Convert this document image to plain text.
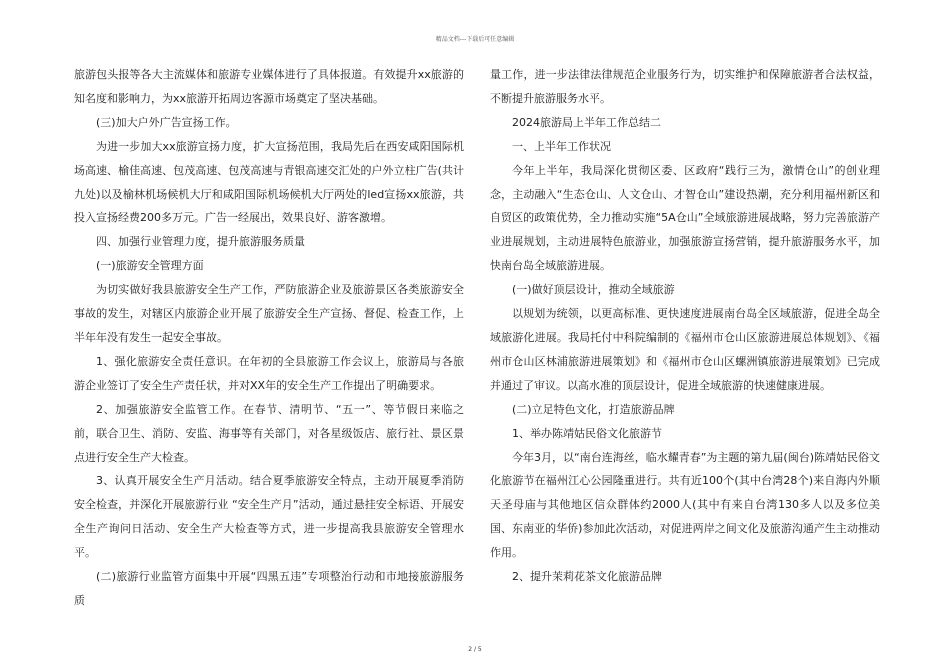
精品文档---下载后可任意编辑

旅游包头报等各大主流媒体和旅游专业媒体进行了具体报道。有效提升xx旅游的知名度和影响力，为xx旅游开拓周边客源市场奠定了坚决基础。

(三)加大户外广告宣扬工作。

为进一步加大xx旅游宣扬力度，扩大宣扬范围，我局先后在西安咸阳国际机场高速、榆佳高速、包茂高速、包茂高速与青银高速交汇处的户外立柱广告(共计九处)以及榆林机场候机大厅和咸阳国际机场候机大厅两处的led宣扬xx旅游，共投入宣扬经费200多万元。广告一经展出，效果良好、游客激增。

四、加强行业管理力度，提升旅游服务质量

(一)旅游安全管理方面

为切实做好我县旅游安全生产工作，严防旅游企业及旅游景区各类旅游安全事故的发生，对辖区内旅游企业开展了旅游安全生产宣扬、督促、检查工作，上半年年没有发生一起安全事故。

1、强化旅游安全责任意识。在年初的全县旅游工作会议上，旅游局与各旅游企业签订了安全生产责任状，并对XX年的安全生产工作提出了明确要求。

2、加强旅游安全监管工作。在春节、清明节、“五一”、等节假日来临之前，联合卫生、消防、安监、海事等有关部门，对各星级饭店、旅行社、景区景点进行安全生产大检查。

3、认真开展安全生产月活动。结合夏季旅游安全特点，主动开展夏季消防安全检查，并深化开展旅游行业 “安全生产月”活动，通过悬挂安全标语、开展安全生产询问日活动、安全生产大检查等方式，进一步提高我县旅游安全管理水平。

(二)旅游行业监管方面集中开展“四黑五违”专项整治行动和市地接旅游服务质

量工作，进一步法律法律规范企业服务行为，切实维护和保障旅游者合法权益，不断提升旅游服务水平。

2024旅游局上半年工作总结二

一、上半年工作状况

今年上半年，我局深化贯彻区委、区政府“践行三为，激情仓山”的创业理念，主动融入“生态仓山、人文仓山、才智仓山”建设热潮，充分利用福州新区和自贸区的政策优势，全力推动实施“5A仓山”全域旅游进展战略，努力完善旅游产业进展规划，主动进展特色旅游业，加强旅游宣扬营销，提升旅游服务水平，加快南台岛全域旅游进展。

(一)做好顶层设计，推动全域旅游

以规划为统领，以更高标准、更快速度进展南台岛全区域旅游，促进全岛全域旅游化进展。我局托付中科院编制的《福州市仓山区旅游进展总体规划》、《福州市仓山区林浦旅游进展策划》和《福州市仓山区螺洲镇旅游进展策划》已完成并通过了审议。以高水准的顶层设计，促进全域旅游的快速健康进展。

(二)立足特色文化，打造旅游品牌

1、举办陈靖姑民俗文化旅游节

今年3月，以“南台连海丝，临水耀青春”为主题的第九届(闽台)陈靖姑民俗文化旅游节在福州江心公园隆重进行。共有近100个(其中台湾28个)来自海内外顺天圣母庙与其他地区信众群体约2000人(其中有来自台湾130多人以及多位美国、东南亚的华侨)参加此次活动，对促进两岸之间文化及旅游沟通产生主动推动作用。

2、提升茉莉花茶文化旅游品牌

2 / 5
